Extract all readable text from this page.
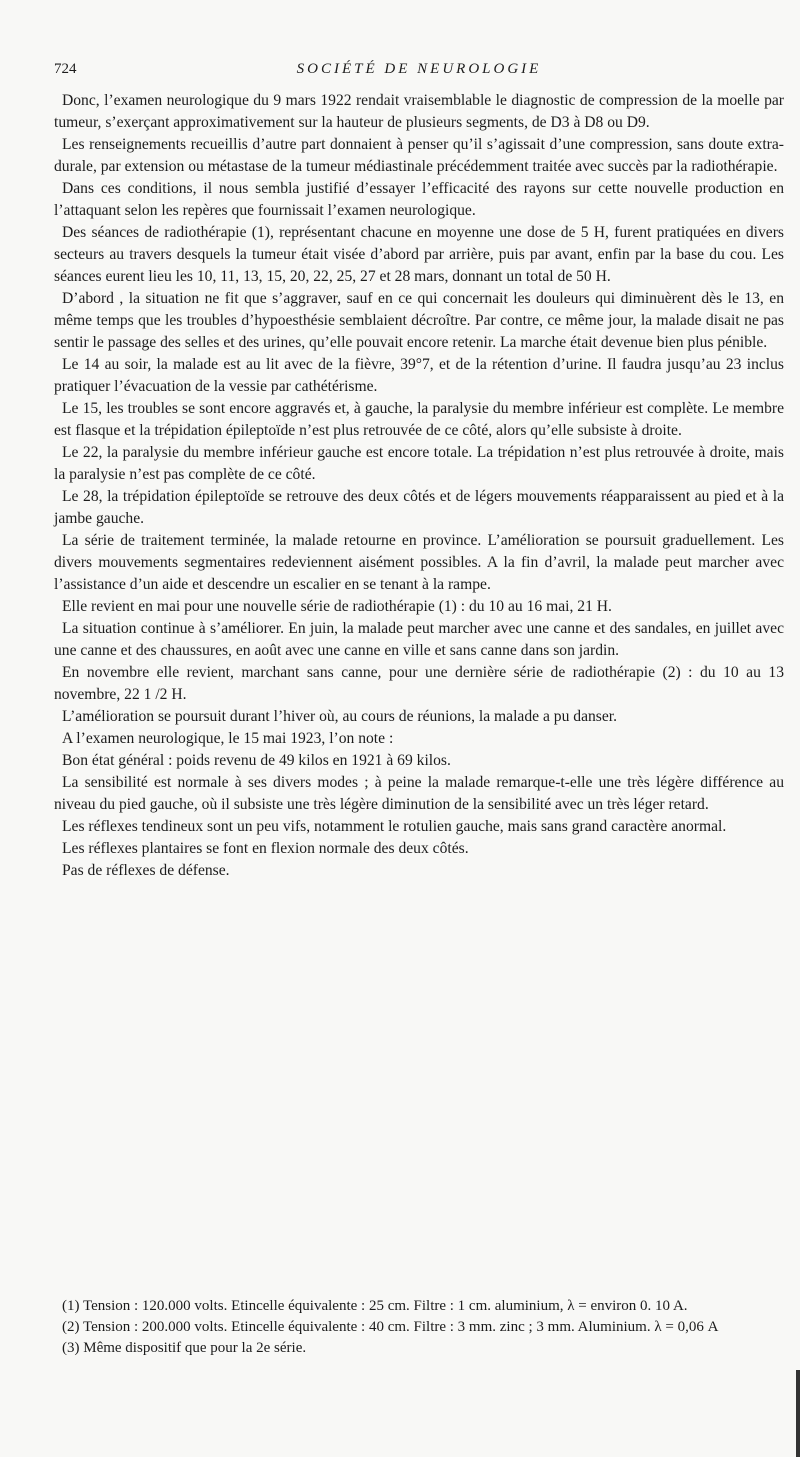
724	SOCIÉTÉ DE NEUROLOGIE

Donc, l’examen neurologique du 9 mars 1922 rendait vraisemblable le diagnostic de compression de la moelle par tumeur, s’exerçant approximativement sur la hauteur de plusieurs segments, de D3 à D8 ou D9.

Les renseignements recueillis d’autre part donnaient à penser qu’il s’agissait d’une compression, sans doute extra-durale, par extension ou métastase de la tumeur médiastinale précédemment traitée avec succès par la radiothérapie.

Dans ces conditions, il nous sembla justifié d’essayer l’efficacité des rayons sur cette nouvelle production en l’attaquant selon les repères que fournissait l’examen neurologique.

Des séances de radiothérapie (1), représentant chacune en moyenne une dose de 5 H, furent pratiquées en divers secteurs au travers desquels la tumeur était visée d’abord par arrière, puis par avant, enfin par la base du cou. Les séances eurent lieu les 10, 11, 13, 15, 20, 22, 25, 27 et 28 mars, donnant un total de 50 H.

D’abord , la situation ne fit que s’aggraver, sauf en ce qui concernait les douleurs qui diminuèrent dès le 13, en même temps que les troubles d’hypoesthésie semblaient décroître. Par contre, ce même jour, la malade disait ne pas sentir le passage des selles et des urines, qu’elle pouvait encore retenir. La marche était devenue bien plus pénible.

Le 14 au soir, la malade est au lit avec de la fièvre, 39°7, et de la rétention d’urine. Il faudra jusqu’au 23 inclus pratiquer l’évacuation de la vessie par cathétérisme.

Le 15, les troubles se sont encore aggravés et, à gauche, la paralysie du membre inférieur est complète. Le membre est flasque et la trépidation épileptoïde n’est plus retrouvée de ce côté, alors qu’elle subsiste à droite.

Le 22, la paralysie du membre inférieur gauche est encore totale. La trépidation n’est plus retrouvée à droite, mais la paralysie n’est pas complète de ce côté.

Le 28, la trépidation épileptoïde se retrouve des deux côtés et de légers mouvements réapparaissent au pied et à la jambe gauche.

La série de traitement terminée, la malade retourne en province. L’amélioration se poursuit graduellement. Les divers mouvements segmentaires redeviennent aisément possibles. A la fin d’avril, la malade peut marcher avec l’assistance d’un aide et descendre un escalier en se tenant à la rampe.

Elle revient en mai pour une nouvelle série de radiothérapie (1) : du 10 au 16 mai, 21 H.

La situation continue à s’améliorer. En juin, la malade peut marcher avec une canne et des sandales, en juillet avec une canne et des chaussures, en août avec une canne en ville et sans canne dans son jardin.

En novembre elle revient, marchant sans canne, pour une dernière série de radiothérapie (2) : du 10 au 13 novembre, 22 1 /2 H.

L’amélioration se poursuit durant l’hiver où, au cours de réunions, la malade a pu danser.

A l’examen neurologique, le 15 mai 1923, l’on note :

Bon état général : poids revenu de 49 kilos en 1921 à 69 kilos.

La sensibilité est normale à ses divers modes ; à peine la malade remarque-t-elle une très légère différence au niveau du pied gauche, où il subsiste une très légère diminution de la sensibilité avec un très léger retard.

Les réflexes tendineux sont un peu vifs, notamment le rotulien gauche, mais sans grand caractère anormal.

Les réflexes plantaires se font en flexion normale des deux côtés.

Pas de réflexes de défense.

(1) Tension : 120.000 volts. Etincelle équivalente : 25 cm. Filtre : 1 cm. aluminium, λ = environ 0. 10 A.

(2) Tension : 200.000 volts. Etincelle équivalente : 40 cm. Filtre : 3 mm. zinc ; 3 mm. Aluminium. λ = 0,06 A

(3) Même dispositif que pour la 2e série.
